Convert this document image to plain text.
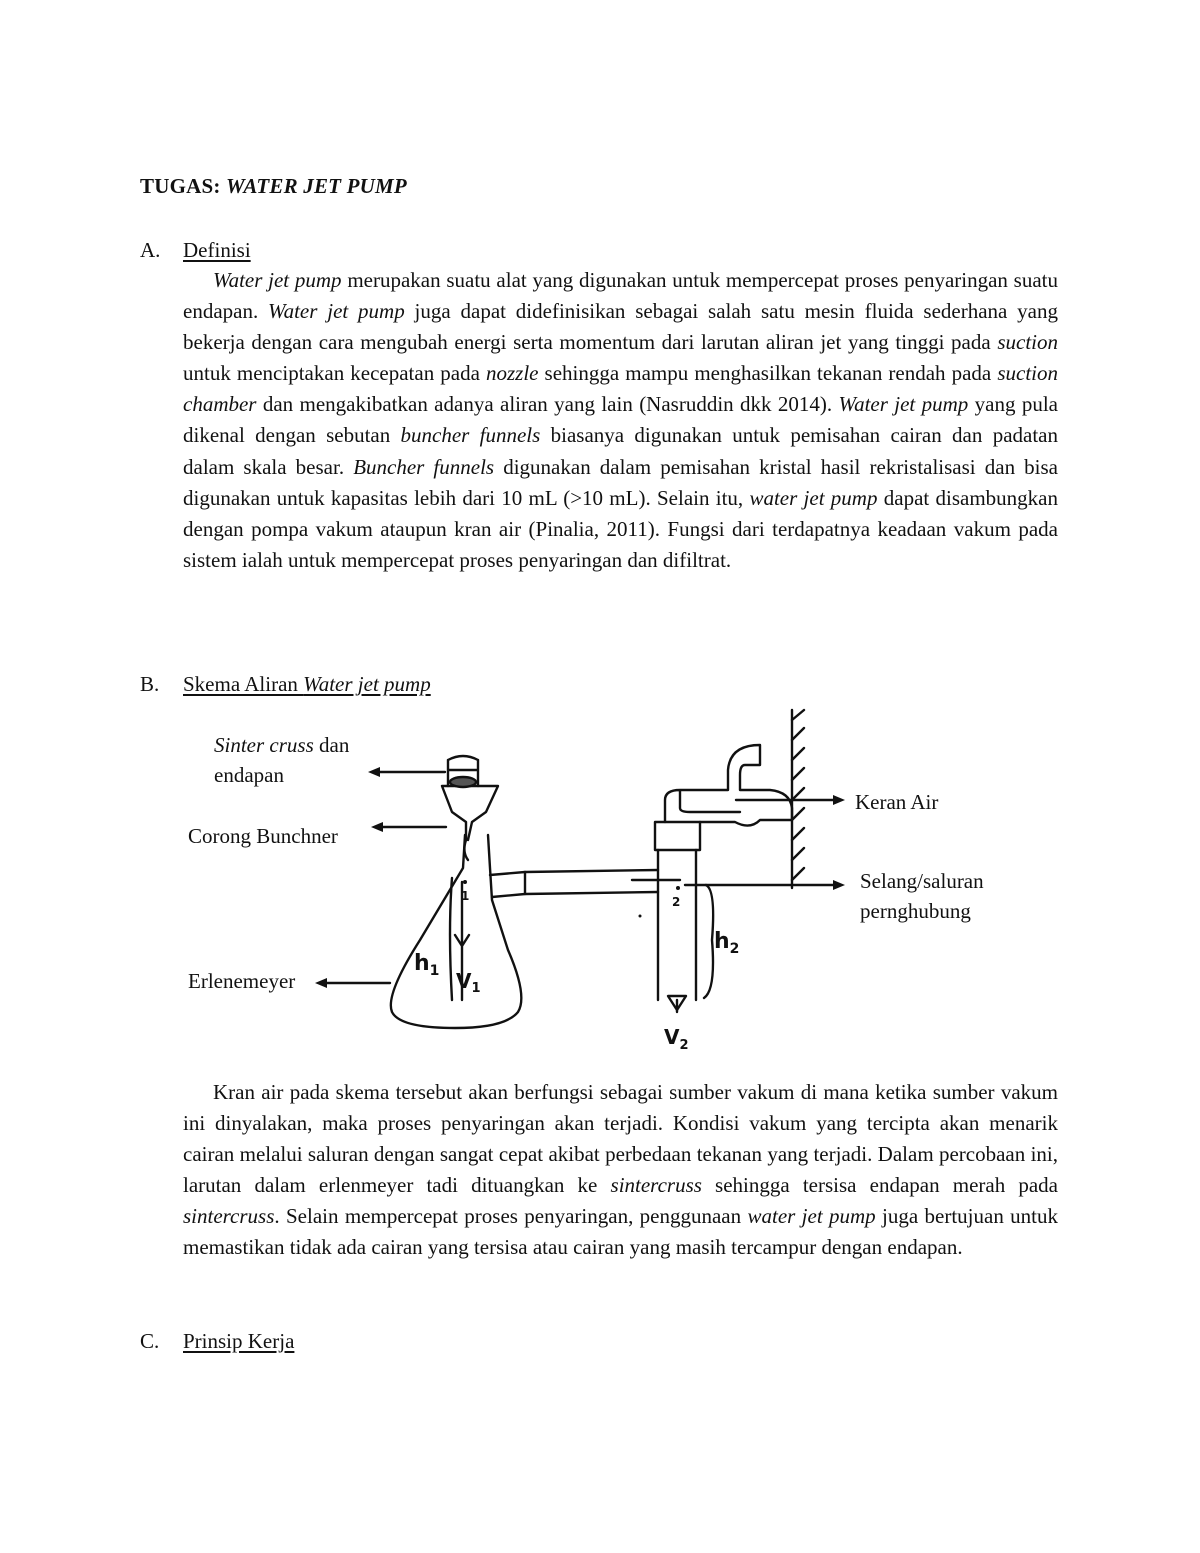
TUGAS: WATER JET PUMP
A. Definisi

Water jet pump merupakan suatu alat yang digunakan untuk mempercepat proses penyaringan suatu endapan. Water jet pump juga dapat didefinisikan sebagai salah satu mesin fluida sederhana yang bekerja dengan cara mengubah energi serta momentum dari larutan aliran jet yang tinggi pada suction untuk menciptakan kecepatan pada nozzle sehingga mampu menghasilkan tekanan rendah pada suction chamber dan mengakibatkan adanya aliran yang lain (Nasruddin dkk 2014). Water jet pump yang pula dikenal dengan sebutan buncher funnels biasanya digunakan untuk pemisahan cairan dan padatan dalam skala besar. Buncher funnels digunakan dalam pemisahan kristal hasil rekristalisasi dan bisa digunakan untuk kapasitas lebih dari 10 mL (>10 mL). Selain itu, water jet pump dapat disambungkan dengan pompa vakum ataupun kran air (Pinalia, 2011). Fungsi dari terdapatnya keadaan vakum pada sistem ialah untuk mempercepat proses penyaringan dan difiltrat.

B. Skema Aliran Water jet pump
Sinter cruss dan
endapan
Corong Bunchner
Erlenemeyer
Keran Air
Selang/saluran
pernghubung
1	2
$h_1$ $V_1$
$h_2$
$V_2$

Kran air pada skema tersebut akan berfungsi sebagai sumber vakum di mana ketika sumber vakum ini dinyalakan, maka proses penyaringan akan terjadi. Kondisi vakum yang tercipta akan menarik cairan melalui saluran dengan sangat cepat akibat perbedaan tekanan yang terjadi. Dalam percobaan ini, larutan dalam erlenmeyer tadi dituangkan ke sintercruss sehingga tersisa endapan merah pada sintercruss. Selain mempercepat proses penyaringan, penggunaan water jet pump juga bertujuan untuk memastikan tidak ada cairan yang tersisa atau cairan yang masih tercampur dengan endapan.

C. Prinsip Kerja
